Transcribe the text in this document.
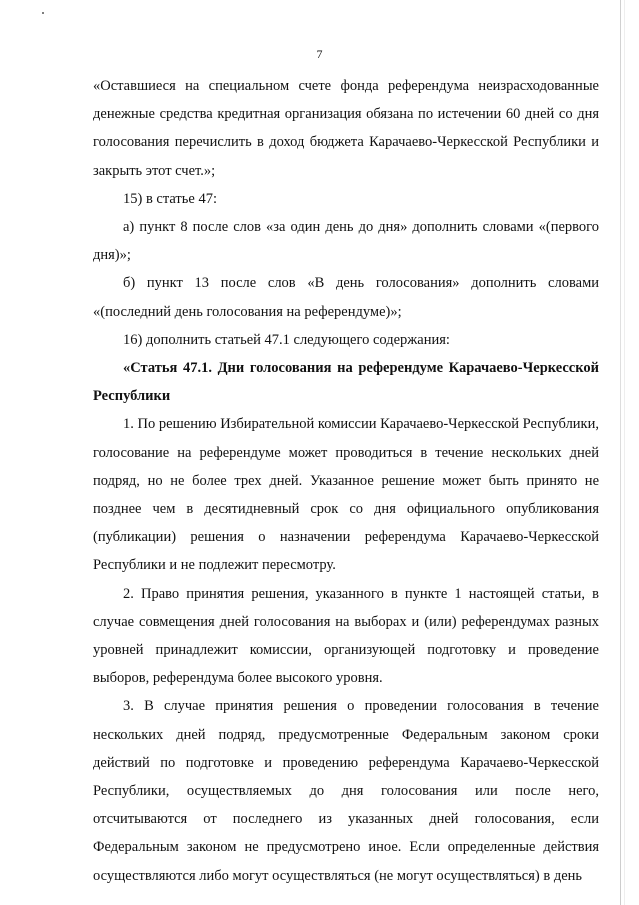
7

«Оставшиеся на специальном счете фонда референдума неизрасходованные денежные средства кредитная организация обязана по истечении 60 дней со дня голосования перечислить в доход бюджета Карачаево-Черкесской Республики и закрыть этот счет.»;

15) в статье 47:

а) пункт 8 после слов «за один день до дня» дополнить словами «(первого дня)»;

б) пункт 13 после слов «В день голосования» дополнить словами «(последний день голосования на референдуме)»;

16) дополнить статьей 47.1 следующего содержания:

«Статья 47.1. Дни голосования на референдуме Карачаево-Черкесской Республики

1. По решению Избирательной комиссии Карачаево-Черкесской Республики, голосование на референдуме может проводиться в течение нескольких дней подряд, но не более трех дней. Указанное решение может быть принято не позднее чем в десятидневный срок со дня официального опубликования (публикации) решения о назначении референдума Карачаево-Черкесской Республики и не подлежит пересмотру.

2. Право принятия решения, указанного в пункте 1 настоящей статьи, в случае совмещения дней голосования на выборах и (или) референдумах разных уровней принадлежит комиссии, организующей подготовку и проведение выборов, референдума более высокого уровня.

3. В случае принятия решения о проведении голосования в течение нескольких дней подряд, предусмотренные Федеральным законом сроки действий по подготовке и проведению референдума Карачаево-Черкесской Республики, осуществляемых до дня голосования или после него, отсчитываются от последнего из указанных дней голосования, если Федеральным законом не предусмотрено иное. Если определенные действия осуществляются либо могут осуществляться (не могут осуществляться) в день
